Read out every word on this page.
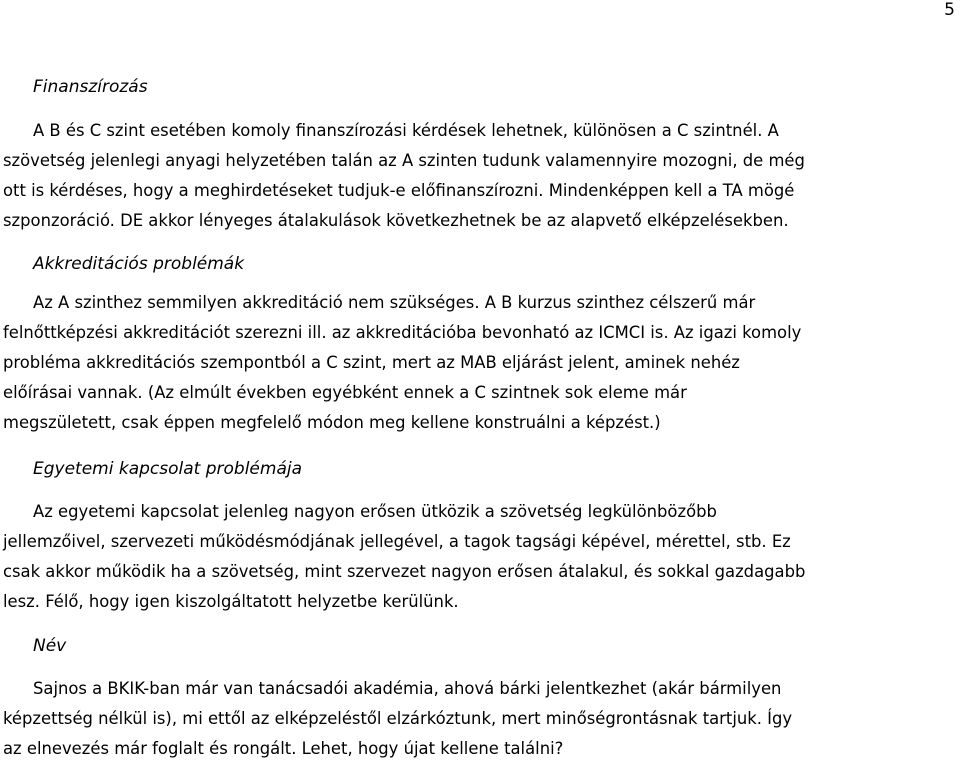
5
Finanszírozás
A B és C szint esetében komoly finanszírozási kérdések lehetnek, különösen a C szintnél. A
szövetség jelenlegi anyagi helyzetében talán az A szinten tudunk valamennyire mozogni, de még
ott is kérdéses, hogy a meghirdetéseket tudjuk-e előfinanszírozni. Mindenképpen kell a TA mögé
szponzoráció. DE akkor lényeges átalakulások következhetnek be az alapvető elképzelésekben.
Akkreditációs problémák
Az A szinthez semmilyen akkreditáció nem szükséges. A B kurzus szinthez célszerű már
felnőttképzési akkreditációt szerezni ill. az akkreditációba bevonható az ICMCI is. Az igazi komoly
probléma akkreditációs szempontból a C szint, mert az MAB eljárást jelent, aminek nehéz
előírásai vannak. (Az elmúlt években egyébként ennek a C szintnek sok eleme már
megszületett, csak éppen megfelelő módon meg kellene konstruálni a képzést.)
Egyetemi kapcsolat problémája
Az egyetemi kapcsolat jelenleg nagyon erősen ütközik a szövetség legkülönbözőbb
jellemzőivel, szervezeti működésmódjának jellegével, a tagok tagsági képével, mérettel, stb. Ez
csak akkor működik ha a szövetség, mint szervezet nagyon erősen átalakul, és sokkal gazdagabb
lesz. Félő, hogy igen kiszolgáltatott helyzetbe kerülünk.
Név
Sajnos a BKIK-ban már van tanácsadói akadémia, ahová bárki jelentkezhet (akár bármilyen
képzettség nélkül is), mi ettől az elképzeléstől elzárkóztunk, mert minőségrontásnak tartjuk. Így
az elnevezés már foglalt és rongált. Lehet, hogy újat kellene találni?
